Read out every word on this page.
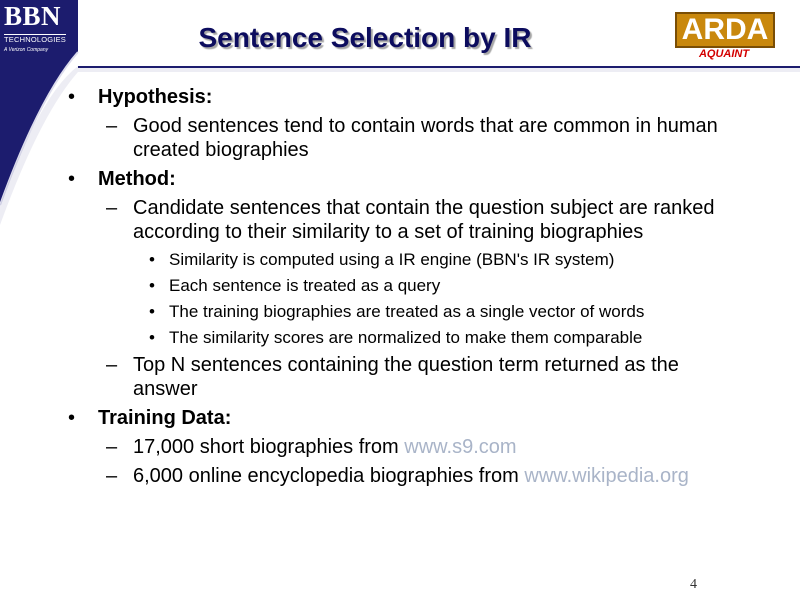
BBN
TECHNOLOGIES
A Verizon Company	Sentence Selection by IR	ARDA
AQUAINT
• Hypothesis:
– Good sentences tend to contain words that are common in human created biographies
• Method:
– Candidate sentences that contain the question subject are ranked according to their similarity to a set of training biographies
• Similarity is computed using a IR engine (BBN's IR system)
• Each sentence is treated as a query
• The training biographies are treated as a single vector of words
• The similarity scores are normalized to make them comparable
– Top N sentences containing the question term returned as the answer
• Training Data:
– 17,000 short biographies from www.s9.com
– 6,000 online encyclopedia biographies from www.wikipedia.org
4
